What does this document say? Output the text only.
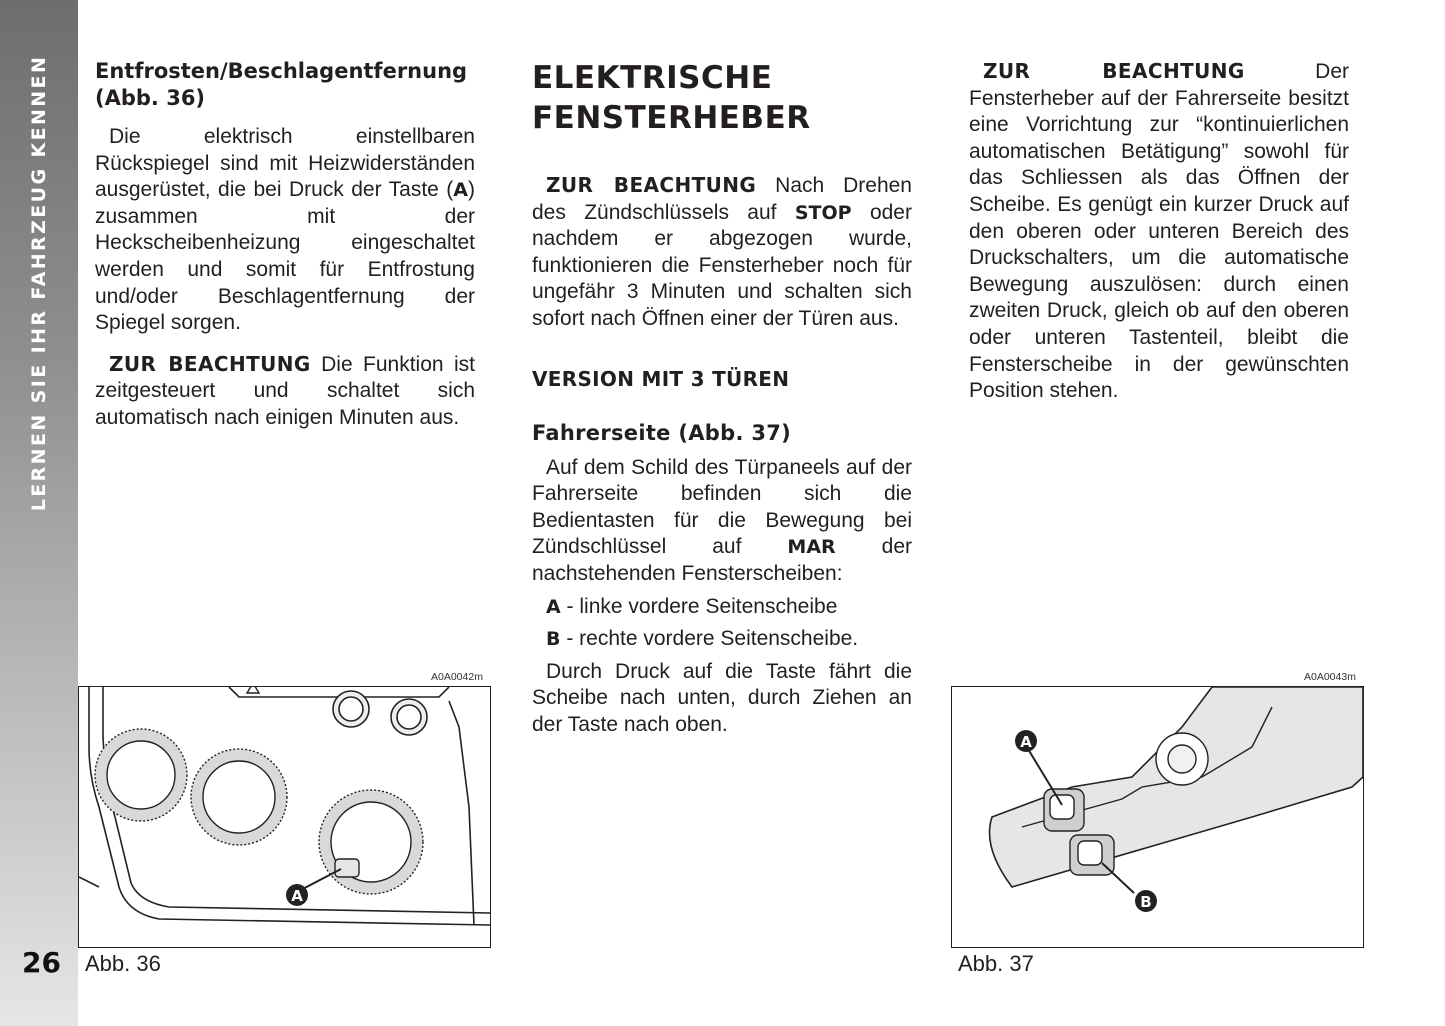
LERNEN SIE IHR FAHRZEUG KENNEN
26
Entfrosten/Beschlagentfernung (Abb. 36)

Die elektrisch einstellbaren Rückspiegel sind mit Heizwiderständen ausgerüstet, die bei Druck der Taste (A) zusammen mit der Heckscheibenheizung eingeschaltet werden und somit für Entfrostung und/oder Beschlagentfernung der Spiegel sorgen.

ZUR BEACHTUNG Die Funktion ist zeitgesteuert und schaltet sich automatisch nach einigen Minuten aus.

ELEKTRISCHE
FENSTERHEBER

ZUR BEACHTUNG Nach Drehen des Zündschlüssels auf STOP oder nachdem er abgezogen wurde, funktionieren die Fensterheber noch für ungefähr 3 Minuten und schalten sich sofort nach Öffnen einer der Türen aus.

VERSION MIT 3 TÜREN
Fahrerseite (Abb. 37)

Auf dem Schild des Türpaneels auf der Fahrerseite befinden sich die Bedientasten für die Bewegung bei Zündschlüssel auf MAR der nachstehenden Fensterscheiben:

A - linke vordere Seitenscheibe

B - rechte vordere Seitenscheibe.

Durch Druck auf die Taste fährt die Scheibe nach unten, durch Ziehen an der Taste nach oben.

ZUR BEACHTUNG Der Fensterheber auf der Fahrerseite besitzt eine Vorrichtung zur “kontinuierlichen automatischen Betätigung” sowohl für das Schliessen als das Öffnen der Scheibe. Es genügt ein kurzer Druck auf den oberen oder unteren Bereich des Druckschalters, um die automatische Bewegung auszulösen: durch einen zweiten Druck, gleich ob auf den oberen oder unteren Tastenteil, bleibt die Fensterscheibe in der gewünschten Position stehen.

A0A0042m
A
Abb. 36
A0A0043m
A
B
Abb. 37
